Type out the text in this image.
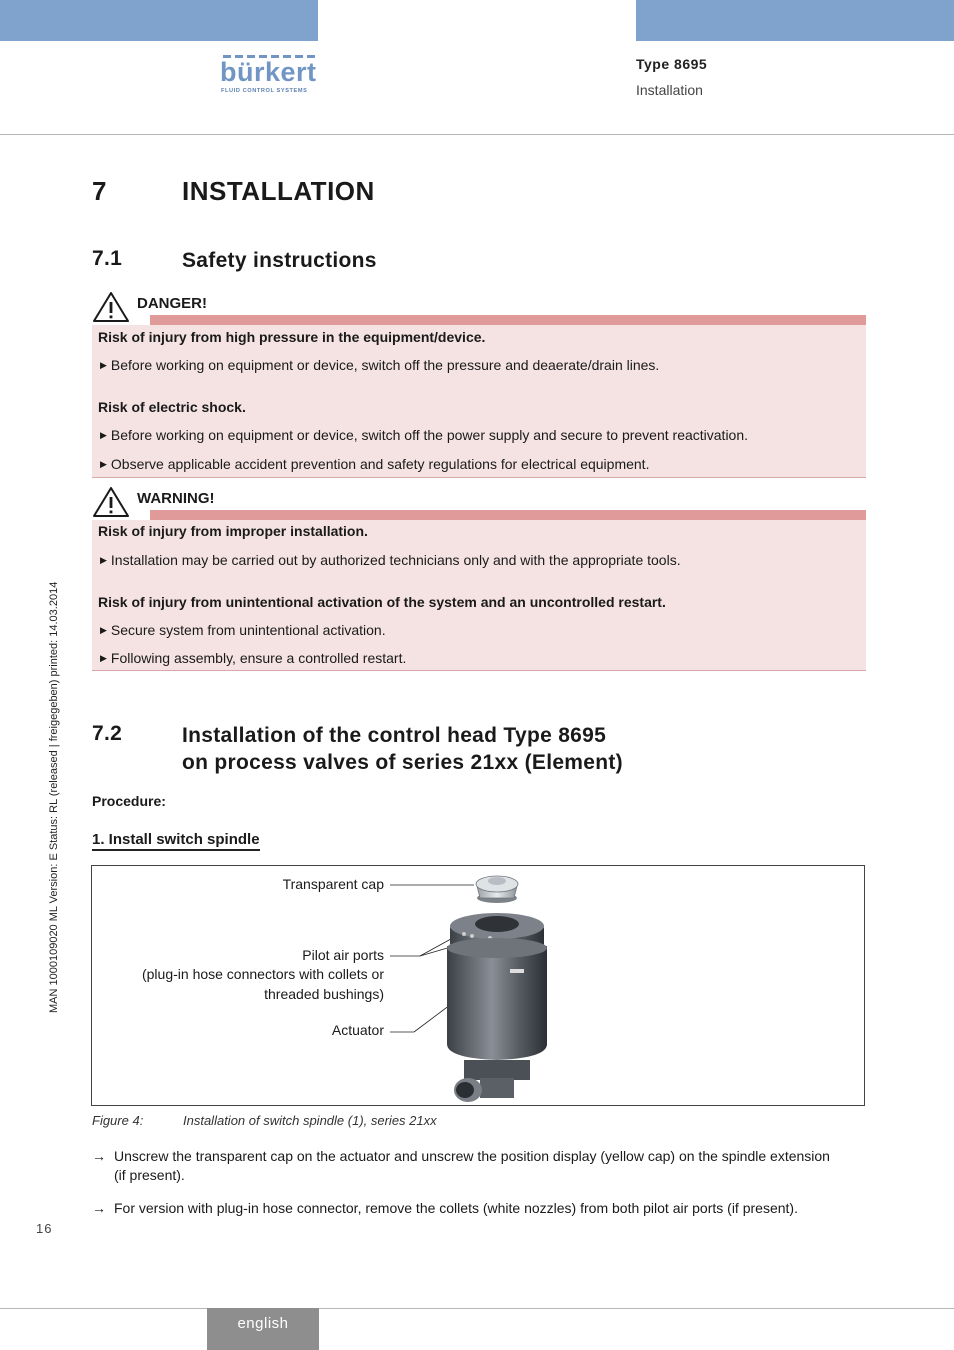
bürkert
FLUID CONTROL SYSTEMS
Type 8695
Installation
MAN 1000109020 ML Version: E Status: RL (released | freigegeben) printed: 14.03.2014
16
7	INSTALLATION
7.1	Safety instructions
DANGER!
Risk of injury from high pressure in the equipment/device.
▶ Before working on equipment or device, switch off the pressure and deaerate/drain lines.
Risk of electric shock.
▶ Before working on equipment or device, switch off the power supply and secure to prevent reactivation.
▶ Observe applicable accident prevention and safety regulations for electrical equipment.
WARNING!
Risk of injury from improper installation.
▶ Installation may be carried out by authorized technicians only and with the appropriate tools.
Risk of injury from unintentional activation of the system and an uncontrolled restart.
▶ Secure system from unintentional activation.
▶ Following assembly, ensure a controlled restart.
7.2	Installation of the control head Type 8695
on process valves of series 21xx (Element)
Procedure:
1. Install switch spindle
Transparent cap
Pilot air ports
(plug-in hose connectors with collets or
threaded bushings)
Actuator
Figure 4:	Installation of switch spindle (1), series 21xx
→ Unscrew the transparent cap on the actuator and unscrew the position display (yellow cap) on the spindle extension (if present).
→ For version with plug-in hose connector, remove the collets (white nozzles) from both pilot air ports (if present).
english
